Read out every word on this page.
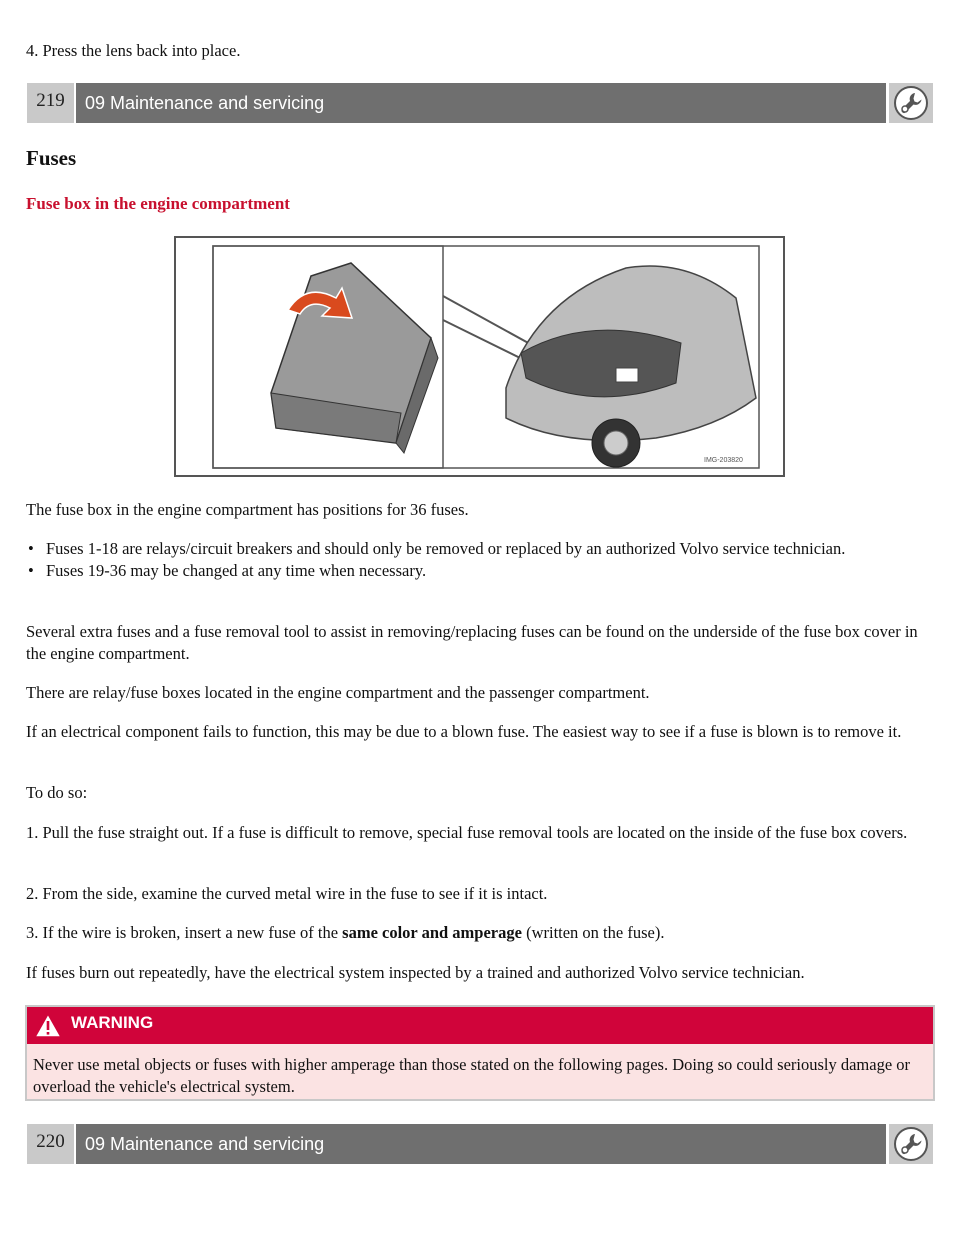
4. Press the lens back into place.

219	09 Maintenance and servicing
Fuses
Fuse box in the engine compartment
IMG-203820

The fuse box in the engine compartment has positions for 36 fuses.

• Fuses 1-18 are relays/circuit breakers and should only be removed or replaced by an authorized Volvo service technician.
• Fuses 19-36 may be changed at any time when necessary.

Several extra fuses and a fuse removal tool to assist in removing/replacing fuses can be found on the underside of the fuse box cover in the engine compartment.

There are relay/fuse boxes located in the engine compartment and the passenger compartment.

If an electrical component fails to function, this may be due to a blown fuse. The easiest way to see if a fuse is blown is to remove it.

To do so:

1. Pull the fuse straight out. If a fuse is difficult to remove, special fuse removal tools are located on the inside of the fuse box covers.

2. From the side, examine the curved metal wire in the fuse to see if it is intact.

3. If the wire is broken, insert a new fuse of the same color and amperage (written on the fuse).

If fuses burn out repeatedly, have the electrical system inspected by a trained and authorized Volvo service technician.

WARNING
Never use metal objects or fuses with higher amperage than those stated on the following pages. Doing so could seriously damage or overload the vehicle's electrical system.
220	09 Maintenance and servicing
